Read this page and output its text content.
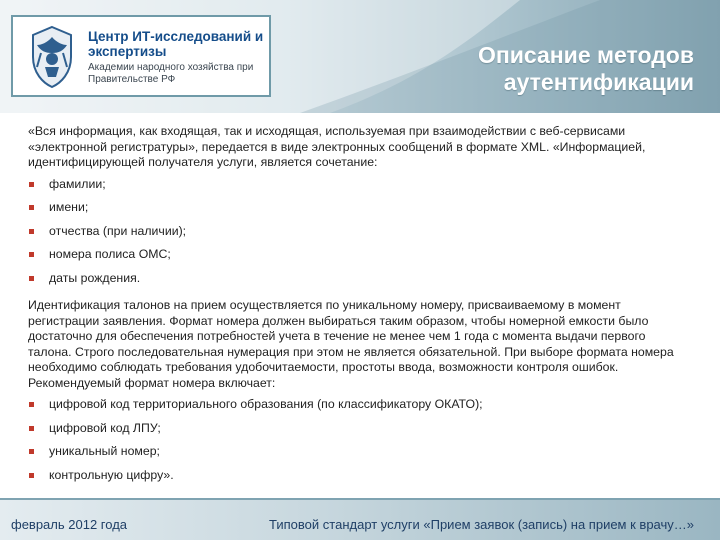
Центр ИТ-исследований и экспертизы
Академии народного хозяйства при Правительстве РФ
Описание методов аутентификации

«Вся информация, как входящая, так и исходящая, используемая при взаимодействии с веб-сервисами «электронной регистратуры», передается в виде электронных сообщений в формате XML. «Информацией, идентифицирующей получателя услуги, является сочетание:

фамилии;
имени;
отчества (при наличии);
номера полиса ОМС;
даты рождения.

Идентификация талонов на прием осуществляется по уникальному номеру, присваиваемому в момент регистрации заявления. Формат номера должен выбираться таким образом, чтобы номерной емкости было достаточно для обеспечения потребностей учета в течение не менее чем 1 года с момента выдачи первого талона. Строго последовательная нумерация при этом не является обязательной. При выборе формата номера необходимо соблюдать требования удобочитаемости, простоты ввода, возможности контроля ошибок. Рекомендуемый формат номера включает:

цифровой код территориального образования (по классификатору ОКАТО);
цифровой код ЛПУ;
уникальный номер;
контрольную цифру».
февраль 2012 года	Типовой стандарт услуги «Прием заявок (запись) на прием к врачу…»
